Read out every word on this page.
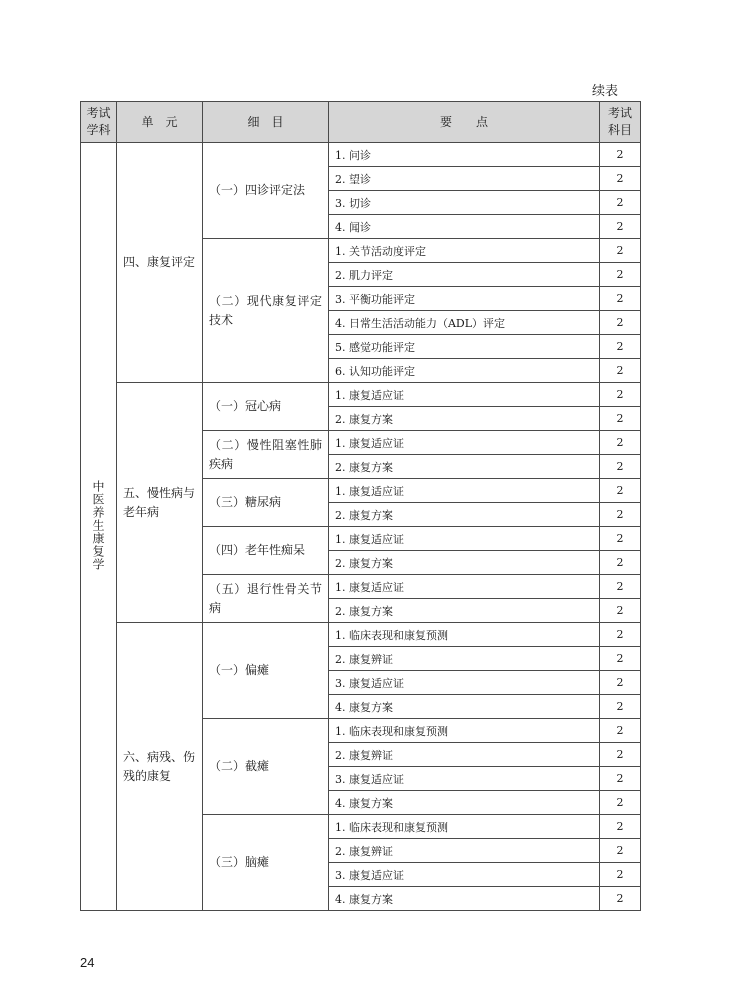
续表
考试
学科	单　元	细　目	要　　点	考试
科目
中医养生康复学	四、康复评定	（一）四诊评定法	1. 问诊	2
			2. 望诊	2
			3. 切诊	2
			4. 闻诊	2
		（二）现代康复评定技术	1. 关节活动度评定	2
			2. 肌力评定	2
			3. 平衡功能评定	2
			4. 日常生活活动能力（ADL）评定	2
			5. 感觉功能评定	2
			6. 认知功能评定	2
	五、慢性病与老年病	（一）冠心病	1. 康复适应证	2
			2. 康复方案	2
		（二）慢性阻塞性肺疾病	1. 康复适应证	2
			2. 康复方案	2
		（三）糖尿病	1. 康复适应证	2
			2. 康复方案	2
		（四）老年性痴呆	1. 康复适应证	2
			2. 康复方案	2
		（五）退行性骨关节病	1. 康复适应证	2
			2. 康复方案	2
	六、病残、伤残的康复	（一）偏瘫	1. 临床表现和康复预测	2
			2. 康复辨证	2
			3. 康复适应证	2
			4. 康复方案	2
		（二）截瘫	1. 临床表现和康复预测	2
			2. 康复辨证	2
			3. 康复适应证	2
			4. 康复方案	2
		（三）脑瘫	1. 临床表现和康复预测	2
			2. 康复辨证	2
			3. 康复适应证	2
			4. 康复方案	2
24
